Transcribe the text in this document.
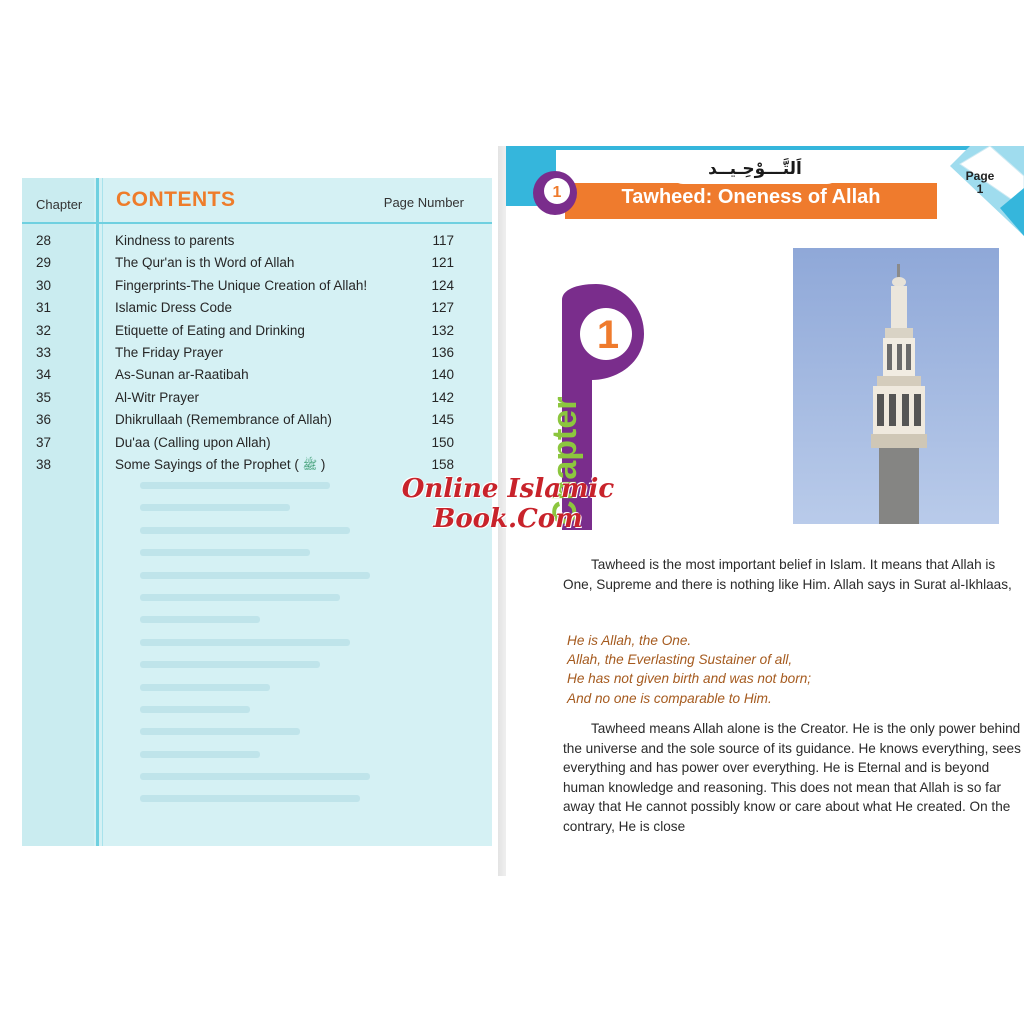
Chapter CONTENTS	Page Number
28	Kindness to parents	117
29	The Qur'an is th Word of Allah	121
30	Fingerprints-The Unique Creation of Allah!	124
31	Islamic Dress Code	127
32	Etiquette of Eating and Drinking	132
33	The Friday Prayer	136
34	As-Sunan ar-Raatibah	140
35	Al-Witr Prayer	142
36	Dhikrullaah (Remembrance of Allah)	145
37	Du'aa (Calling upon Allah)	150
38	Some Sayings of the Prophet ( ﷺ )	158
Page
1
Tawheed: Oneness of Allah
اَلتَّـــوْحِـيــد
1
1
Chapter
Online Islamic
Book.Com
Tawheed is the most important belief in Islam. It means that Allah is One, Supreme and there is nothing like Him. Allah says in Surat al-Ikhlaas,
He is Allah, the One.
Allah, the Everlasting Sustainer of all,
He has not given birth and was not born;
And no one is comparable to Him.
Tawheed means Allah alone is the Creator. He is the only power behind the universe and the sole source of its guidance. He knows everything, sees everything and has power over everything. He is Eternal and is beyond human knowledge and reasoning. This does not mean that Allah is so far away that He cannot possibly know or care about what He created. On the contrary, He is close
